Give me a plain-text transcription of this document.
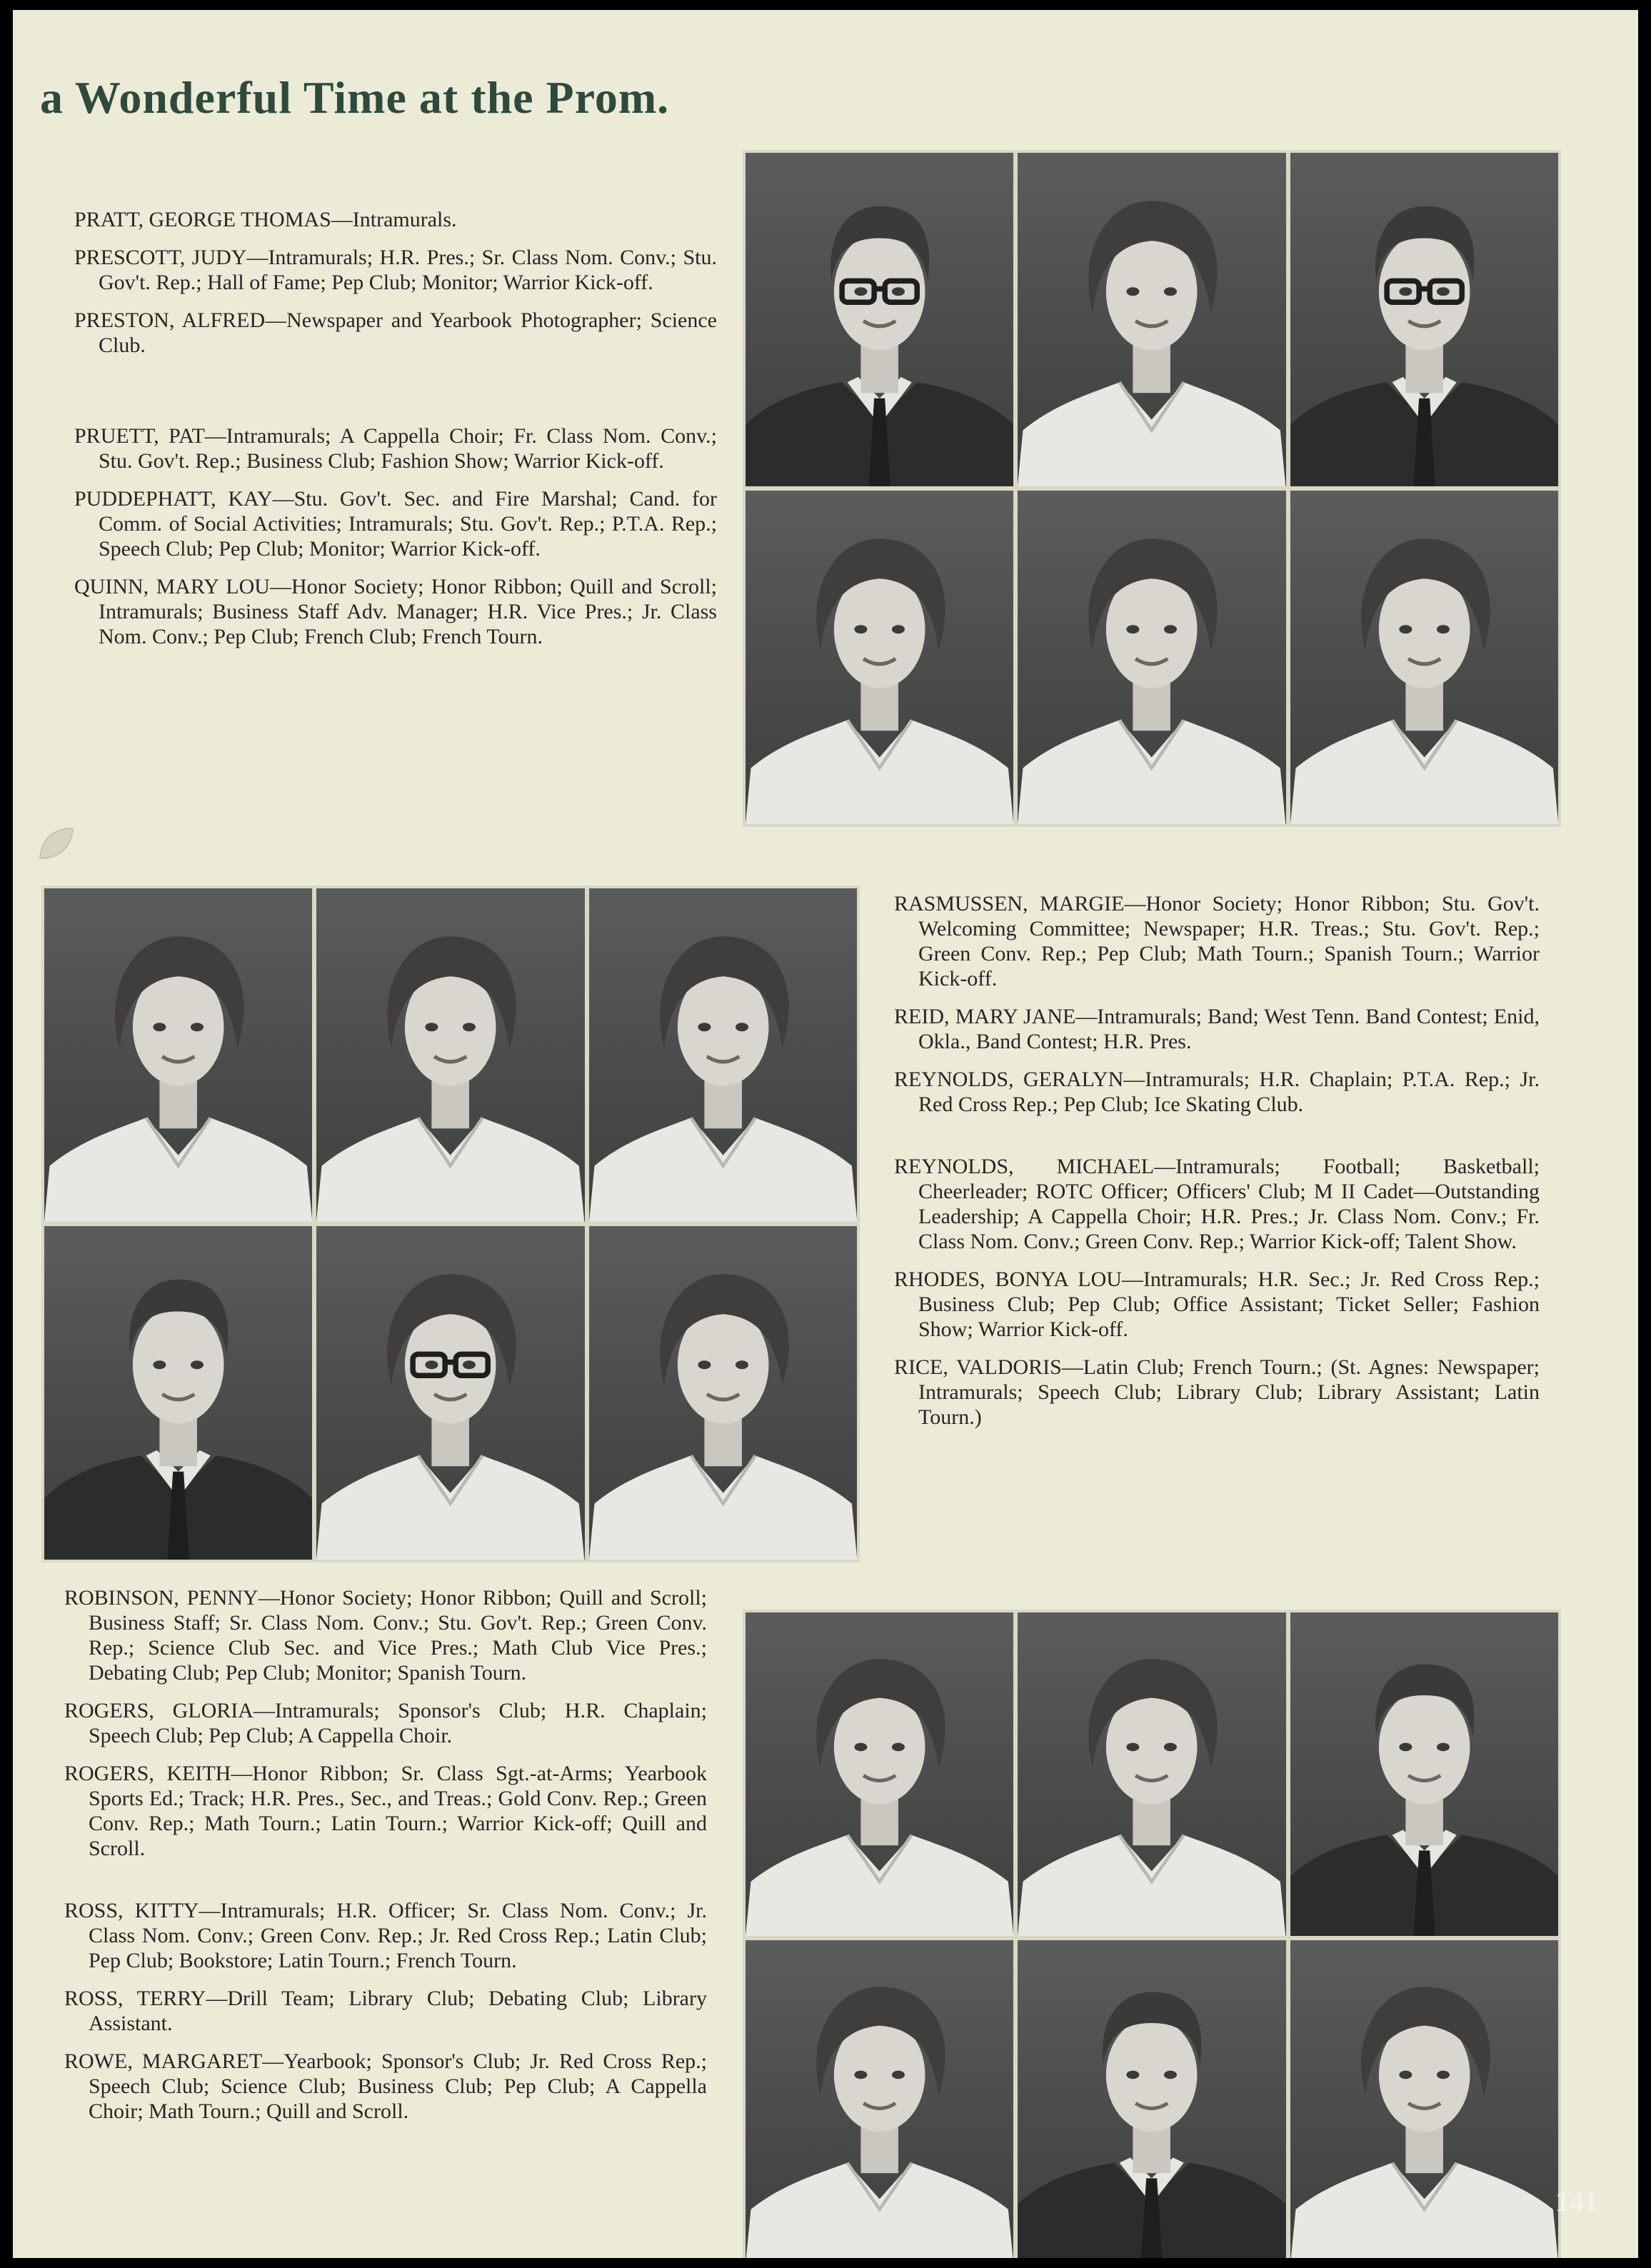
a Wonderful Time at the Prom.

PRATT, GEORGE THOMAS—Intramurals.

PRESCOTT, JUDY—Intramurals; H.R. Pres.; Sr. Class Nom. Conv.; Stu. Gov't. Rep.; Hall of Fame; Pep Club; Monitor; Warrior Kick-off.

PRESTON, ALFRED—Newspaper and Yearbook Photographer; Science Club.

PRUETT, PAT—Intramurals; A Cappella Choir; Fr. Class Nom. Conv.; Stu. Gov't. Rep.; Business Club; Fashion Show; Warrior Kick-off.

PUDDEPHATT, KAY—Stu. Gov't. Sec. and Fire Marshal; Cand. for Comm. of Social Activities; Intramurals; Stu. Gov't. Rep.; P.T.A. Rep.; Speech Club; Pep Club; Monitor; Warrior Kick-off.

QUINN, MARY LOU—Honor Society; Honor Ribbon; Quill and Scroll; Intramurals; Business Staff Adv. Manager; H.R. Vice Pres.; Jr. Class Nom. Conv.; Pep Club; French Club; French Tourn.

RASMUSSEN, MARGIE—Honor Society; Honor Ribbon; Stu. Gov't. Welcoming Committee; Newspaper; H.R. Treas.; Stu. Gov't. Rep.; Green Conv. Rep.; Pep Club; Math Tourn.; Spanish Tourn.; Warrior Kick-off.

REID, MARY JANE—Intramurals; Band; West Tenn. Band Contest; Enid, Okla., Band Contest; H.R. Pres.

REYNOLDS, GERALYN—Intramurals; H.R. Chaplain; P.T.A. Rep.; Jr. Red Cross Rep.; Pep Club; Ice Skating Club.

REYNOLDS, MICHAEL—Intramurals; Football; Basketball; Cheerleader; ROTC Officer; Officers' Club; M II Cadet—Outstanding Leadership; A Cappella Choir; H.R. Pres.; Jr. Class Nom. Conv.; Fr. Class Nom. Conv.; Green Conv. Rep.; Warrior Kick-off; Talent Show.

RHODES, BONYA LOU—Intramurals; H.R. Sec.; Jr. Red Cross Rep.; Business Club; Pep Club; Office Assistant; Ticket Seller; Fashion Show; Warrior Kick-off.

RICE, VALDORIS—Latin Club; French Tourn.; (St. Agnes: Newspaper; Intramurals; Speech Club; Library Club; Library Assistant; Latin Tourn.)

ROBINSON, PENNY—Honor Society; Honor Ribbon; Quill and Scroll; Business Staff; Sr. Class Nom. Conv.; Stu. Gov't. Rep.; Green Conv. Rep.; Science Club Sec. and Vice Pres.; Math Club Vice Pres.; Debating Club; Pep Club; Monitor; Spanish Tourn.

ROGERS, GLORIA—Intramurals; Sponsor's Club; H.R. Chaplain; Speech Club; Pep Club; A Cappella Choir.

ROGERS, KEITH—Honor Ribbon; Sr. Class Sgt.-at-Arms; Yearbook Sports Ed.; Track; H.R. Pres., Sec., and Treas.; Gold Conv. Rep.; Green Conv. Rep.; Math Tourn.; Latin Tourn.; Warrior Kick-off; Quill and Scroll.

ROSS, KITTY—Intramurals; H.R. Officer; Sr. Class Nom. Conv.; Jr. Class Nom. Conv.; Green Conv. Rep.; Jr. Red Cross Rep.; Latin Club; Pep Club; Bookstore; Latin Tourn.; French Tourn.

ROSS, TERRY—Drill Team; Library Club; Debating Club; Library Assistant.

ROWE, MARGARET—Yearbook; Sponsor's Club; Jr. Red Cross Rep.; Speech Club; Science Club; Business Club; Pep Club; A Cappella Choir; Math Tourn.; Quill and Scroll.

141
